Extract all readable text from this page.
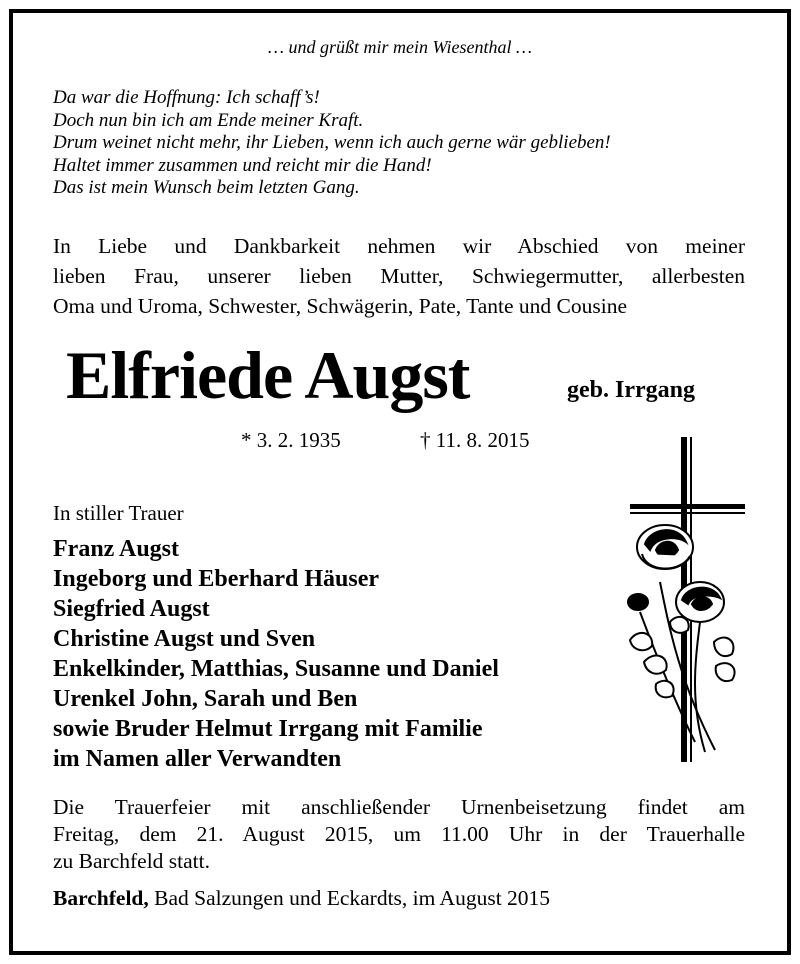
… und grüßt mir mein Wiesenthal …
Da war die Hoffnung: Ich schaff’s!
Doch nun bin ich am Ende meiner Kraft.
Drum weinet nicht mehr, ihr Lieben, wenn ich auch gerne wär geblieben!
Haltet immer zusammen und reicht mir die Hand!
Das ist mein Wunsch beim letzten Gang.
In Liebe und Dankbarkeit nehmen wir Abschied von meiner
lieben Frau, unserer lieben Mutter, Schwiegermutter, allerbesten
Oma und Uroma, Schwester, Schwägerin, Pate, Tante und Cousine
Elfriede Augst	geb. Irrgang
* 3. 2. 1935	† 11. 8. 2015
In stiller Trauer
Franz Augst
Ingeborg und Eberhard Häuser
Siegfried Augst
Christine Augst und Sven
Enkelkinder, Matthias, Susanne und Daniel
Urenkel John, Sarah und Ben
sowie Bruder Helmut Irrgang mit Familie
im Namen aller Verwandten
Die Trauerfeier mit anschließender Urnenbeisetzung findet am
Freitag, dem 21. August 2015, um 11.00 Uhr in der Trauerhalle
zu Barchfeld statt.
Barchfeld, Bad Salzungen und Eckardts, im August 2015
